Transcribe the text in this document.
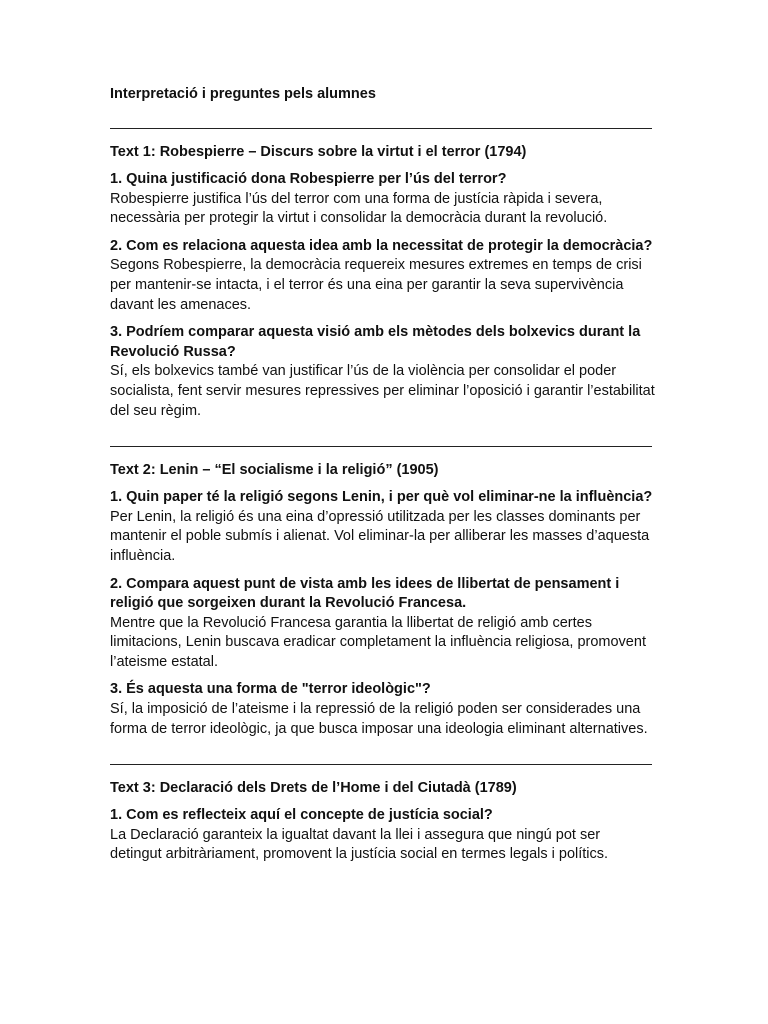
Interpretació i preguntes pels alumnes

Text 1: Robespierre – Discurs sobre la virtut i el terror (1794)

1. Quina justificació dona Robespierre per l’ús del terror?

Robespierre justifica l’ús del terror com una forma de justícia ràpida i severa, necessària per protegir la virtut i consolidar la democràcia durant la revolució.

2. Com es relaciona aquesta idea amb la necessitat de protegir la democràcia?

Segons Robespierre, la democràcia requereix mesures extremes en temps de crisi per mantenir-se intacta, i el terror és una eina per garantir la seva supervivència davant les amenaces.

3. Podríem comparar aquesta visió amb els mètodes dels bolxevics durant la Revolució Russa?

Sí, els bolxevics també van justificar l’ús de la violència per consolidar el poder socialista, fent servir mesures repressives per eliminar l’oposició i garantir l’estabilitat del seu règim.

Text 2: Lenin – “El socialisme i la religió” (1905)

1. Quin paper té la religió segons Lenin, i per què vol eliminar-ne la influència?

Per Lenin, la religió és una eina d’opressió utilitzada per les classes dominants per mantenir el poble submís i alienat. Vol eliminar-la per alliberar les masses d’aquesta influència.

2. Compara aquest punt de vista amb les idees de llibertat de pensament i religió que sorgeixen durant la Revolució Francesa.

Mentre que la Revolució Francesa garantia la llibertat de religió amb certes limitacions, Lenin buscava eradicar completament la influència religiosa, promovent l’ateisme estatal.

3. És aquesta una forma de "terror ideològic"?

Sí, la imposició de l’ateisme i la repressió de la religió poden ser considerades una forma de terror ideològic, ja que busca imposar una ideologia eliminant alternatives.

Text 3: Declaració dels Drets de l’Home i del Ciutadà (1789)

1. Com es reflecteix aquí el concepte de justícia social?

La Declaració garanteix la igualtat davant la llei i assegura que ningú pot ser detingut arbitràriament, promovent la justícia social en termes legals i polítics.
